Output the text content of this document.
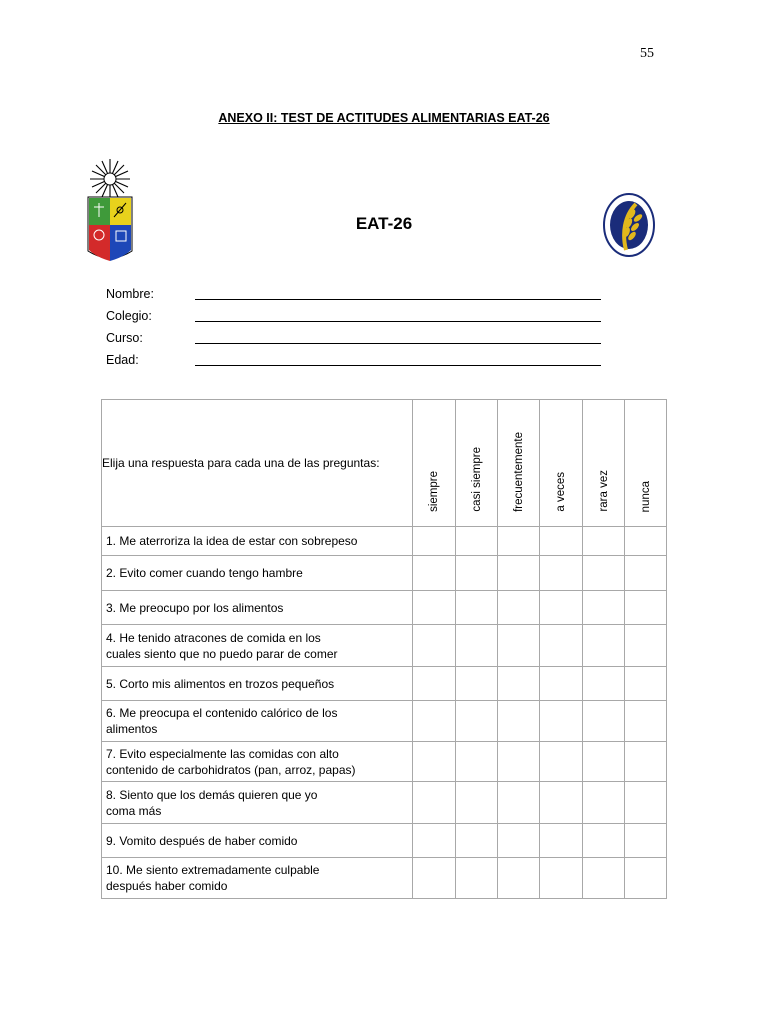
55
ANEXO II: TEST DE ACTITUDES ALIMENTARIAS EAT-26
EAT-26
Nombre:
Colegio:
Curso:
Edad:
Elija una respuesta para cada una de las preguntas:	siempre	casi siempre	frecuentemente	a veces	rara vez	nunca

1. Me aterroriza la idea de estar con sobrepeso						
2. Evito comer cuando tengo hambre						
3. Me preocupo por los alimentos						
4. He tenido atracones de comida en los
cuales siento que no puedo parar de comer						
5. Corto mis alimentos en trozos pequeños						
6. Me preocupa el contenido calórico de los
alimentos						
7. Evito especialmente las comidas con alto
contenido de carbohidratos (pan, arroz, papas)						
8. Siento que los demás quieren que yo
coma más						
9. Vomito después de haber comido						
10. Me siento extremadamente culpable
después haber comido						
